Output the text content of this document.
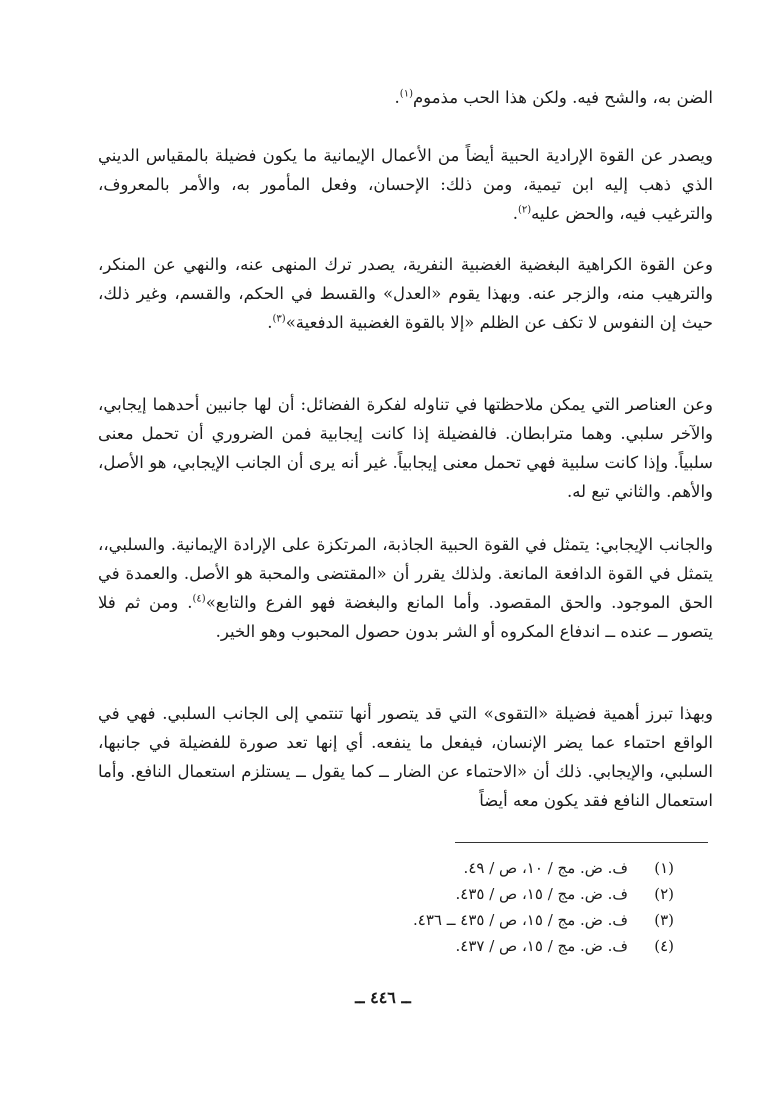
الضن به، والشح فيه. ولكن هذا الحب مذموم$^{(١)}$.

ويصدر عن القوة الإرادية الحبية أيضاً من الأعمال الإيمانية ما يكون فضيلة بالمقياس الديني الذي ذهب إليه ابن تيمية، ومن ذلك: الإحسان، وفعل المأمور به، والأمر بالمعروف، والترغيب فيه، والحض عليه$^{(٢)}$.

وعن القوة الكراهية البغضية الغضبية النفرية، يصدر ترك المنهى عنه، والنهي عن المنكر، والترهيب منه، والزجر عنه. وبهذا يقوم «العدل» والقسط في الحكم، والقسم، وغير ذلك، حيث إن النفوس لا تكف عن الظلم «إلا بالقوة الغضبية الدفعية»$^{(٣)}$.

وعن العناصر التي يمكن ملاحظتها في تناوله لفكرة الفضائل: أن لها جانبين أحدهما إيجابي، والآخر سلبي. وهما مترابطان. فالفضيلة إذا كانت إيجابية فمن الضروري أن تحمل معنى سلبياً. وإذا كانت سلبية فهي تحمل معنى إيجابياً. غير أنه يرى أن الجانب الإيجابي، هو الأصل، والأهم. والثاني تبع له.

والجانب الإيجابي: يتمثل في القوة الحبية الجاذبة، المرتكزة على الإرادة الإيمانية. والسلبي،، يتمثل في القوة الدافعة المانعة. ولذلك يقرر أن «المقتضى والمحبة هو الأصل. والعمدة في الحق الموجود. والحق المقصود. وأما المانع والبغضة فهو الفرع والتابع»$^{(٤)}$. ومن ثم فلا يتصور ــ عنده ــ اندفاع المكروه أو الشر بدون حصول المحبوب وهو الخير.

وبهذا تبرز أهمية فضيلة «التقوى» التي قد يتصور أنها تنتمي إلى الجانب السلبي. فهي في الواقع احتماء عما يضر الإنسان، فيفعل ما ينفعه. أي إنها تعد صورة للفضيلة في جانبها، السلبي، والإيجابي. ذلك أن «الاحتماء عن الضار ــ كما يقول ــ يستلزم استعمال النافع. وأما استعمال النافع فقد يكون معه أيضاً

(١)
ف. ض. مج / ١٠، ص / ٤٩.
(٢)
ف. ض. مج / ١٥، ص / ٤٣٥.
(٣)
ف. ض. مج / ١٥، ص / ٤٣٥ ــ ٤٣٦.
(٤)
ف. ض. مج / ١٥، ص / ٤٣٧.
ــ ٤٤٦ ــ
